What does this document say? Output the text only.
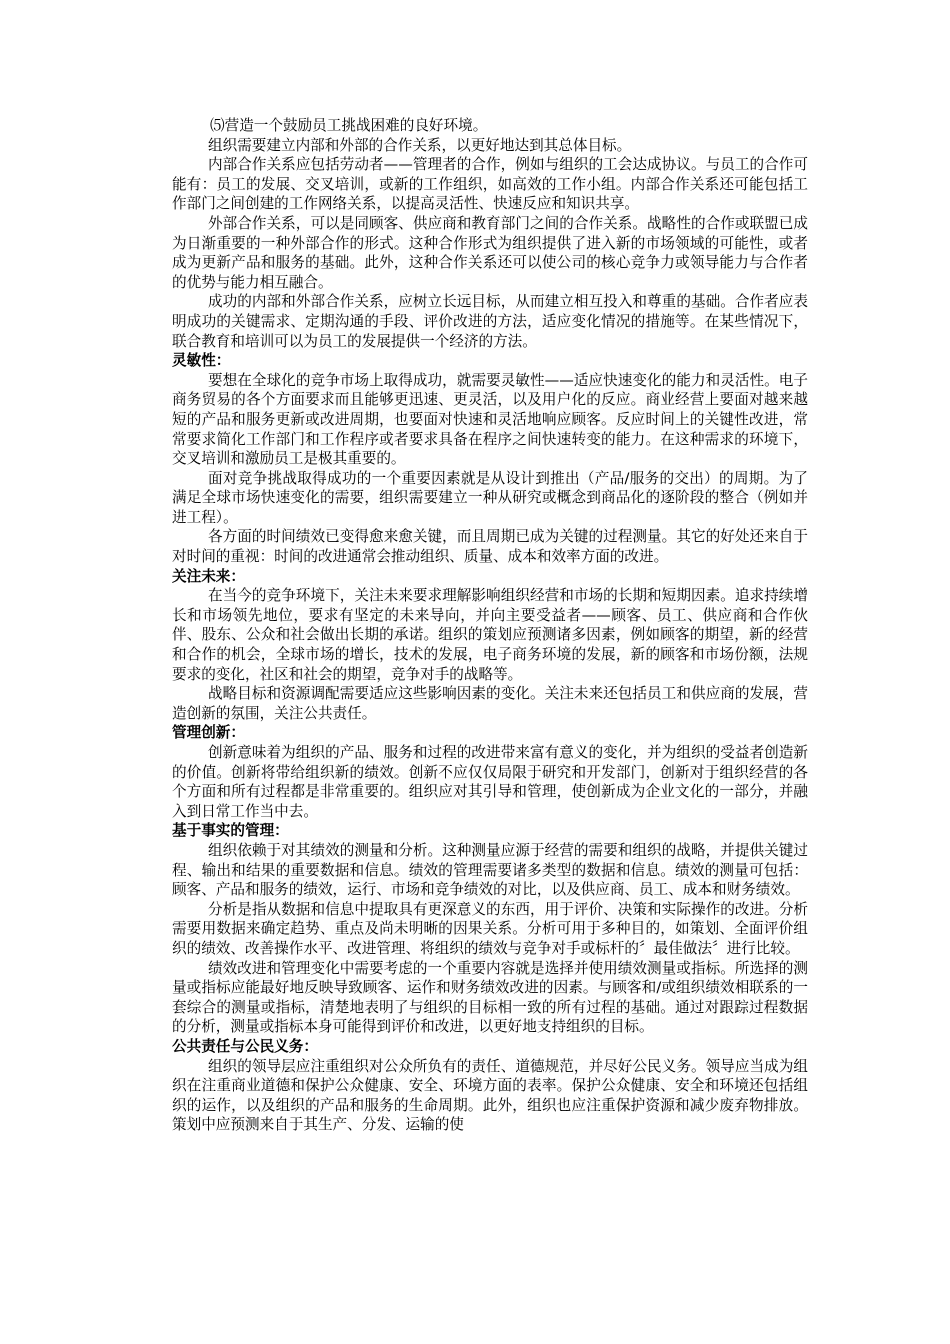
⑸营造一个鼓励员工挑战困难的良好环境。

组织需要建立内部和外部的合作关系，以更好地达到其总体目标。

内部合作关系应包括劳动者——管理者的合作，例如与组织的工会达成协议。与员工的合作可能有：员工的发展、交叉培训，或新的工作组织，如高效的工作小组。内部合作关系还可能包括工作部门之间创建的工作网络关系，以提高灵活性、快速反应和知识共享。

外部合作关系，可以是同顾客、供应商和教育部门之间的合作关系。战略性的合作或联盟已成为日渐重要的一种外部合作的形式。这种合作形式为组织提供了进入新的市场领域的可能性，或者成为更新产品和服务的基础。此外，这种合作关系还可以使公司的核心竞争力或领导能力与合作者的优势与能力相互融合。

成功的内部和外部合作关系，应树立长远目标，从而建立相互投入和尊重的基础。合作者应表明成功的关键需求、定期沟通的手段、评价改进的方法，适应变化情况的措施等。在某些情况下，联合教育和培训可以为员工的发展提供一个经济的方法。

灵敏性：

要想在全球化的竞争市场上取得成功，就需要灵敏性——适应快速变化的能力和灵活性。电子商务贸易的各个方面要求而且能够更迅速、更灵活，以及用户化的反应。商业经营上要面对越来越短的产品和服务更新或改进周期，也要面对快速和灵活地响应顾客。反应时间上的关键性改进，常常要求简化工作部门和工作程序或者要求具备在程序之间快速转变的能力。在这种需求的环境下，交叉培训和激励员工是极其重要的。

面对竞争挑战取得成功的一个重要因素就是从设计到推出（产品/服务的交出）的周期。为了满足全球市场快速变化的需要，组织需要建立一种从研究或概念到商品化的逐阶段的整合（例如并进工程）。

各方面的时间绩效已变得愈来愈关键，而且周期已成为关键的过程测量。其它的好处还来自于对时间的重视：时间的改进通常会推动组织、质量、成本和效率方面的改进。

关注未来：

在当今的竞争环境下，关注未来要求理解影响组织经营和市场的长期和短期因素。追求持续增长和市场领先地位，要求有坚定的未来导向，并向主要受益者——顾客、员工、供应商和合作伙伴、股东、公众和社会做出长期的承诺。组织的策划应预测诸多因素，例如顾客的期望，新的经营和合作的机会，全球市场的增长，技术的发展，电子商务环境的发展，新的顾客和市场份额，法规要求的变化，社区和社会的期望，竞争对手的战略等。

战略目标和资源调配需要适应这些影响因素的变化。关注未来还包括员工和供应商的发展，营造创新的氛围，关注公共责任。

管理创新：

创新意味着为组织的产品、服务和过程的改进带来富有意义的变化，并为组织的受益者创造新的价值。创新将带给组织新的绩效。创新不应仅仅局限于研究和开发部门，创新对于组织经营的各个方面和所有过程都是非常重要的。组织应对其引导和管理，使创新成为企业文化的一部分，并融入到日常工作当中去。

基于事实的管理：

组织依赖于对其绩效的测量和分析。这种测量应源于经营的需要和组织的战略，并提供关键过程、输出和结果的重要数据和信息。绩效的管理需要诸多类型的数据和信息。绩效的测量可包括：顾客、产品和服务的绩效，运行、市场和竞争绩效的对比，以及供应商、员工、成本和财务绩效。

分析是指从数据和信息中提取具有更深意义的东西，用于评价、决策和实际操作的改进。分析需要用数据来确定趋势、重点及尚未明晰的因果关系。分析可用于多种目的，如策划、全面评价组织的绩效、改善操作水平、改进管理、将组织的绩效与竞争对手或标杆的〞最佳做法〞进行比较。

绩效改进和管理变化中需要考虑的一个重要内容就是选择并使用绩效测量或指标。所选择的测量或指标应能最好地反映导致顾客、运作和财务绩效改进的因素。与顾客和/或组织绩效相联系的一套综合的测量或指标，清楚地表明了与组织的目标相一致的所有过程的基础。通过对跟踪过程数据的分析，测量或指标本身可能得到评价和改进，以更好地支持组织的目标。

公共责任与公民义务：

组织的领导层应注重组织对公众所负有的责任、道德规范，并尽好公民义务。领导应当成为组织在注重商业道德和保护公众健康、安全、环境方面的表率。保护公众健康、安全和环境还包括组织的运作，以及组织的产品和服务的生命周期。此外，组织也应注重保护资源和减少废弃物排放。策划中应预测来自于其生产、分发、运输的使
